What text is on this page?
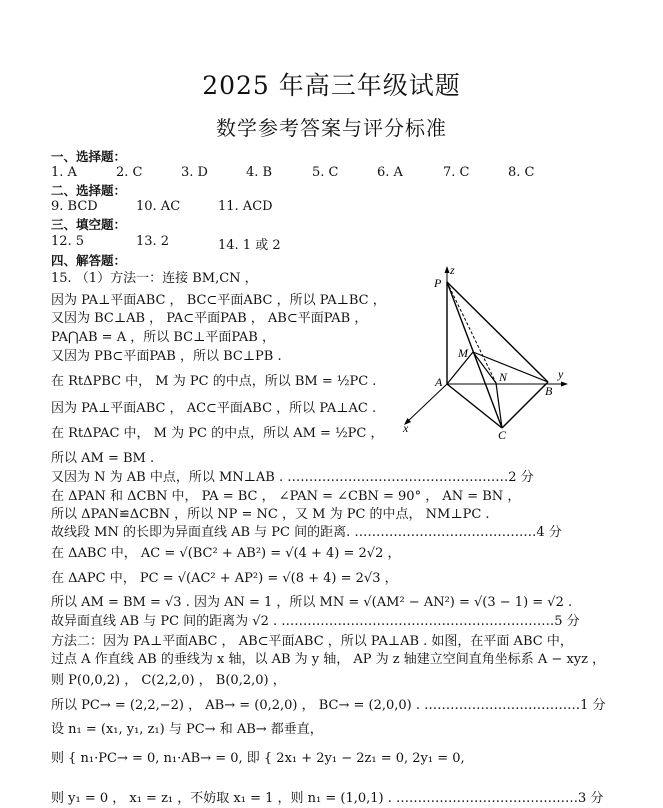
2025 年高三年级试题
数学参考答案与评分标准
一、选择题：
1. A	2. C	3. D	4. B	5. C	6. A	7. C	8. C
二、选择题：
9. BCD	10. AC	11. ACD
三、填空题：
12. 5	13. 2	14. 1 或 2
四、解答题：
15. （1）方法一：连接 BM,CN ，
因为 PA⊥平面ABC ， BC⊂平面ABC ，所以 PA⊥BC ，
又因为 BC⊥AB ， PA⊂平面PAB ， AB⊂平面PAB ，
PA⋂AB = A ，所以 BC⊥平面PAB ，
又因为 PB⊂平面PAB ，所以 BC⊥PB .
在 RtΔPBC 中， M 为 PC 的中点，所以 BM = ½PC .
因为 PA⊥平面ABC ， AC⊂平面ABC ，所以 PA⊥AC .
在 RtΔPAC 中， M 为 PC 的中点，所以 AM = ½PC ，
所以 AM = BM .
又因为 N 为 AB 中点，所以 MN⊥AB . ……………………………………………2 分
在 ΔPAN 和 ΔCBN 中， PA = BC ， ∠PAN = ∠CBN = 90° ， AN = BN ，
所以 ΔPAN≌ΔCBN ，所以 NP = NC ，又 M 为 PC 的中点， NM⊥PC .
故线段 MN 的长即为异面直线 AB 与 PC 间的距离. ……………………………………4 分
在 ΔABC 中， AC = √(BC² + AB²) = √(4 + 4) = 2√2 ，
在 ΔAPC 中， PC = √(AC² + AP²) = √(8 + 4) = 2√3 ，
所以 AM = BM = √3 . 因为 AN = 1 ，所以 MN = √(AM² − AN²) = √(3 − 1) = √2 .
故异面直线 AB 与 PC 间的距离为 √2 . ………………………………………………………5 分
方法二：因为 PA⊥平面ABC ， AB⊂平面ABC ，所以 PA⊥AB . 如图，在平面 ABC 中，
过点 A 作直线 AB 的垂线为 x 轴，以 AB 为 y 轴， AP 为 z 轴建立空间直角坐标系 A − xyz ，
则 P(0,0,2) ， C(2,2,0) ， B(0,2,0) ，
所以 PC→ = (2,2,−2) ， AB→ = (0,2,0) ， BC→ = (2,0,0) . ………………………………1 分
设 n₁ = (x₁, y₁, z₁) 与 PC→ 和 AB→ 都垂直，
则 { n₁·PC→ = 0, n₁·AB→ = 0, 即 { 2x₁ + 2y₁ − 2z₁ = 0, 2y₁ = 0,
则 y₁ = 0 ， x₁ = z₁ ，不妨取 x₁ = 1 ，则 n₁ = (1,0,1) . ……………………………………3 分
z
P
M
A	N
B
y
C
x
